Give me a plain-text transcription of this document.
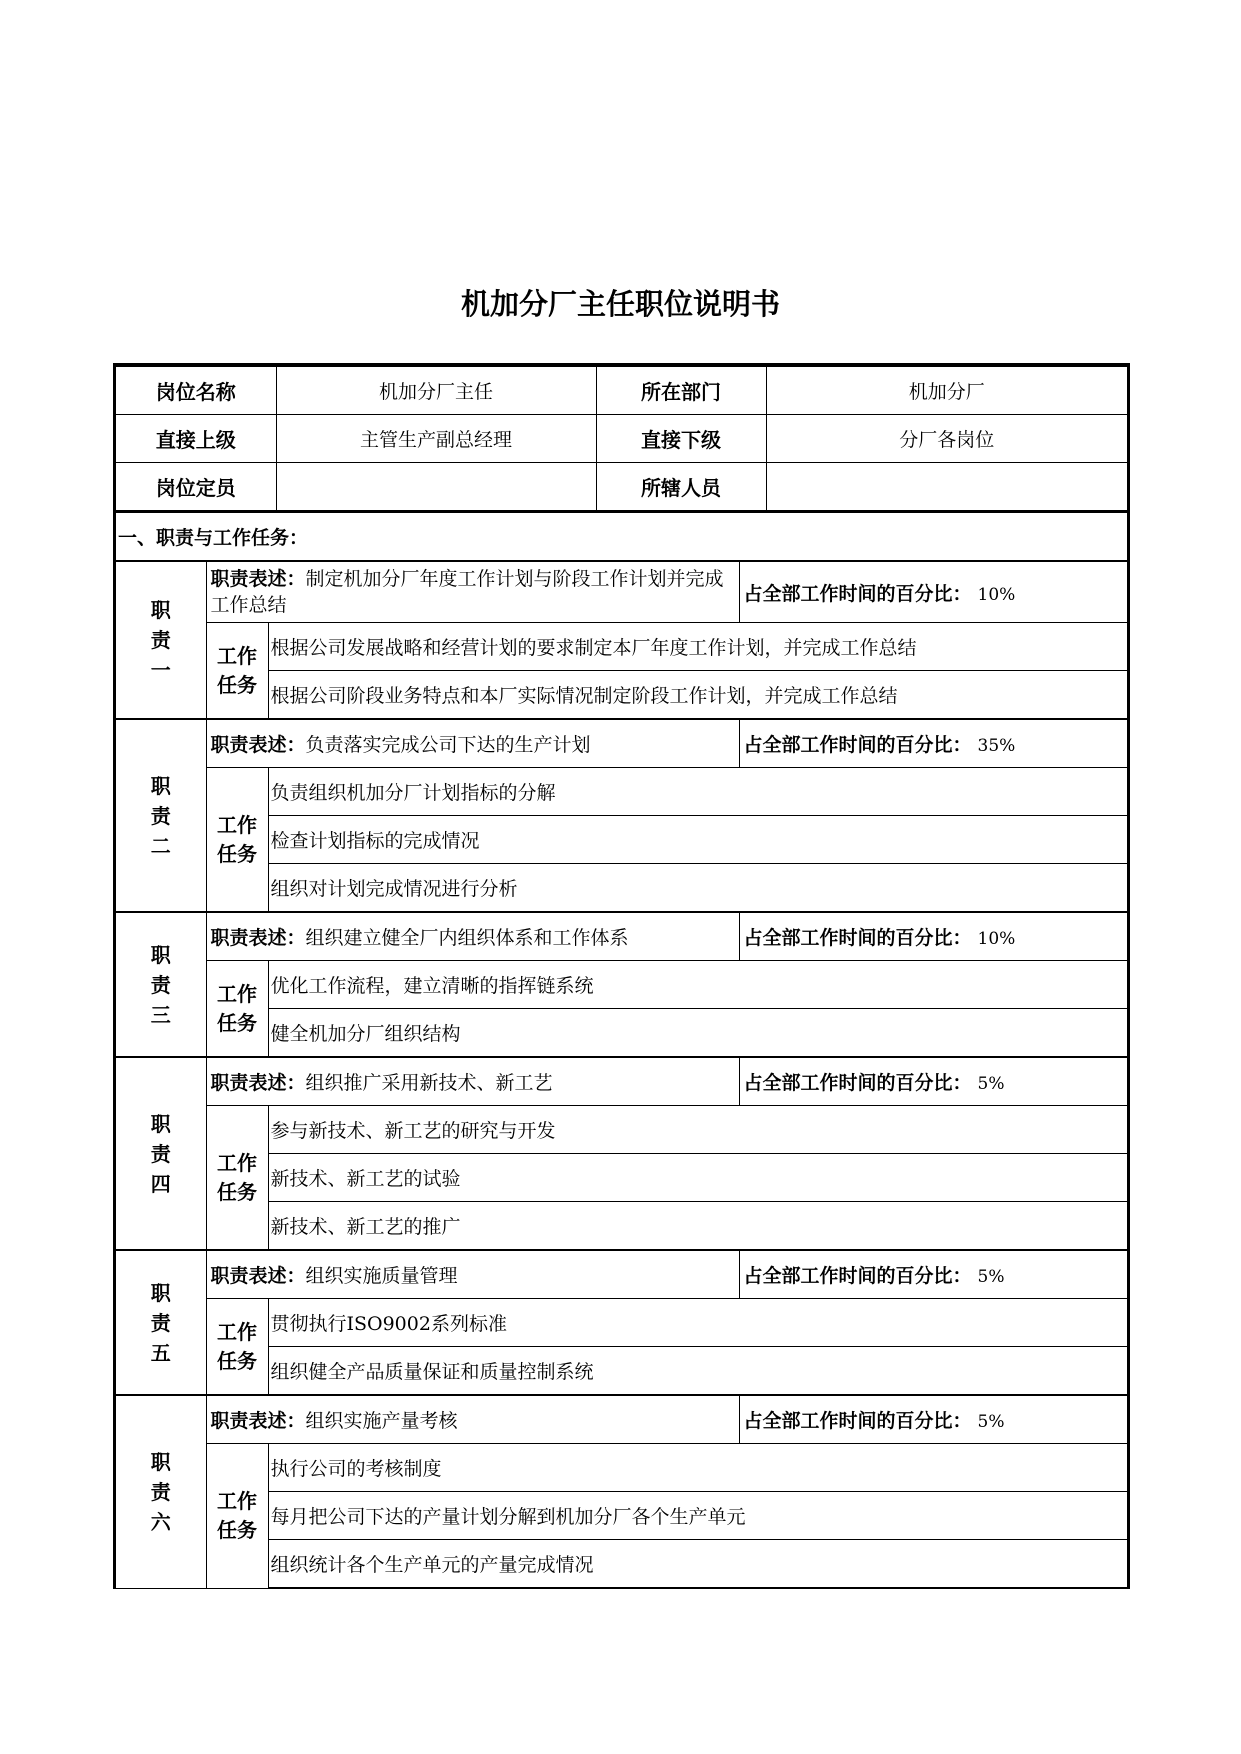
机加分厂主任职位说明书
岗位名称	机加分厂主任	所在部门	机加分厂
直接上级	主管生产副总经理	直接下级	分厂各岗位
岗位定员		所辖人员	
一、职责与工作任务：
职
责
一	职责表述：制定机加分厂年度工作计划与阶段工作计划并完成工作总结		占全部工作时间的百分比： 10%

	工作
任务	根据公司发展战略和经营计划的要求制定本厂年度工作计划，并完成工作总结	
		根据公司阶段业务特点和本厂实际情况制定阶段工作计划，并完成工作总结	
职
责
二	职责表述：负责落实完成公司下达的生产计划		占全部工作时间的百分比： 35%

	工作
任务	负责组织机加分厂计划指标的分解	
		检查计划指标的完成情况	
		组织对计划完成情况进行分析	
职
责
三	职责表述：组织建立健全厂内组织体系和工作体系		占全部工作时间的百分比： 10%

	工作
任务	优化工作流程，建立清晰的指挥链系统	
		健全机加分厂组织结构	
职
责
四	职责表述：组织推广采用新技术、新工艺		占全部工作时间的百分比： 5%

	工作
任务	参与新技术、新工艺的研究与开发	
		新技术、新工艺的试验	
		新技术、新工艺的推广	
职
责
五	职责表述：组织实施质量管理		占全部工作时间的百分比： 5%

	工作
任务	贯彻执行ISO9002系列标准	
		组织健全产品质量保证和质量控制系统	
职
责
六	职责表述：组织实施产量考核		占全部工作时间的百分比： 5%

	工作
任务	执行公司的考核制度	
		每月把公司下达的产量计划分解到机加分厂各个生产单元	
		组织统计各个生产单元的产量完成情况	
